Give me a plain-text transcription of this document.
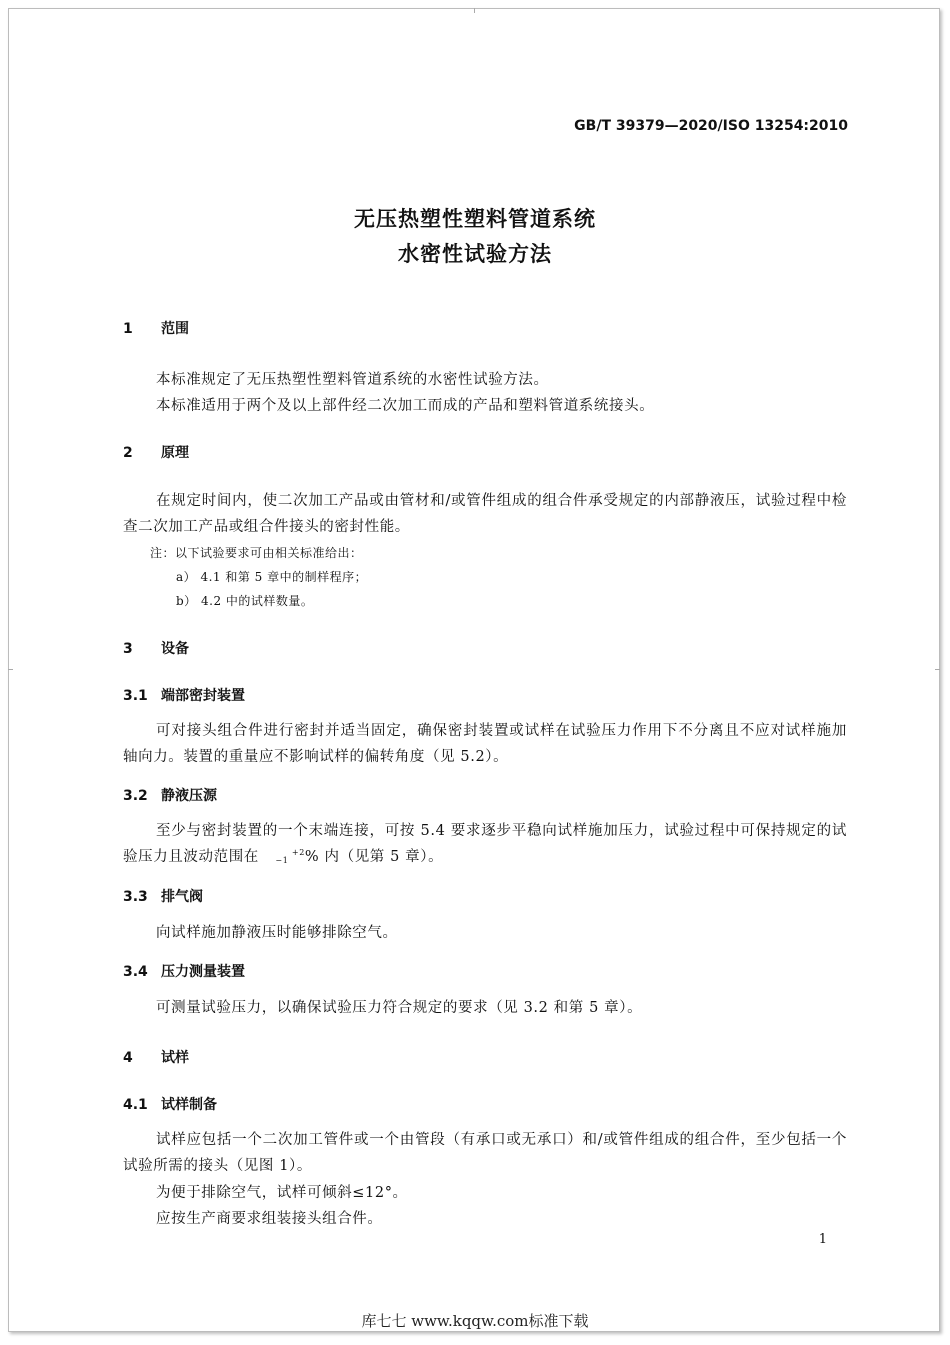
GB/T 39379—2020/ISO 13254:2010
无压热塑性塑料管道系统
水密性试验方法
1 范围
本标准规定了无压热塑性塑料管道系统的水密性试验方法。
本标准适用于两个及以上部件经二次加工而成的产品和塑料管道系统接头。
2 原理
在规定时间内，使二次加工产品或由管材和/或管件组成的组合件承受规定的内部静液压，试验过程中检查二次加工产品或组合件接头的密封性能。
注：以下试验要求可由相关标准给出：
a） 4.1 和第 5 章中的制样程序；
b） 4.2 中的试样数量。
3 设备
3.1 端部密封装置
可对接头组合件进行密封并适当固定，确保密封装置或试样在试验压力作用下不分离且不应对试样施加轴向力。装置的重量应不影响试样的偏转角度（见 5.2）。
3.2 静液压源
至少与密封装置的一个末端连接，可按 5.4 要求逐步平稳向试样施加压力，试验过程中可保持规定的试验压力且波动范围在	+2
−1 % 内（见第 5 章）。
3.3 排气阀
向试样施加静液压时能够排除空气。
3.4 压力测量装置
可测量试验压力，以确保试验压力符合规定的要求（见 3.2 和第 5 章）。
4 试样
4.1 试样制备
试样应包括一个二次加工管件或一个由管段（有承口或无承口）和/或管件组成的组合件，至少包括一个试验所需的接头（见图 1）。
为便于排除空气，试样可倾斜≤12°。
应按生产商要求组装接头组合件。
1
库七七 www.kqqw.com标准下载
